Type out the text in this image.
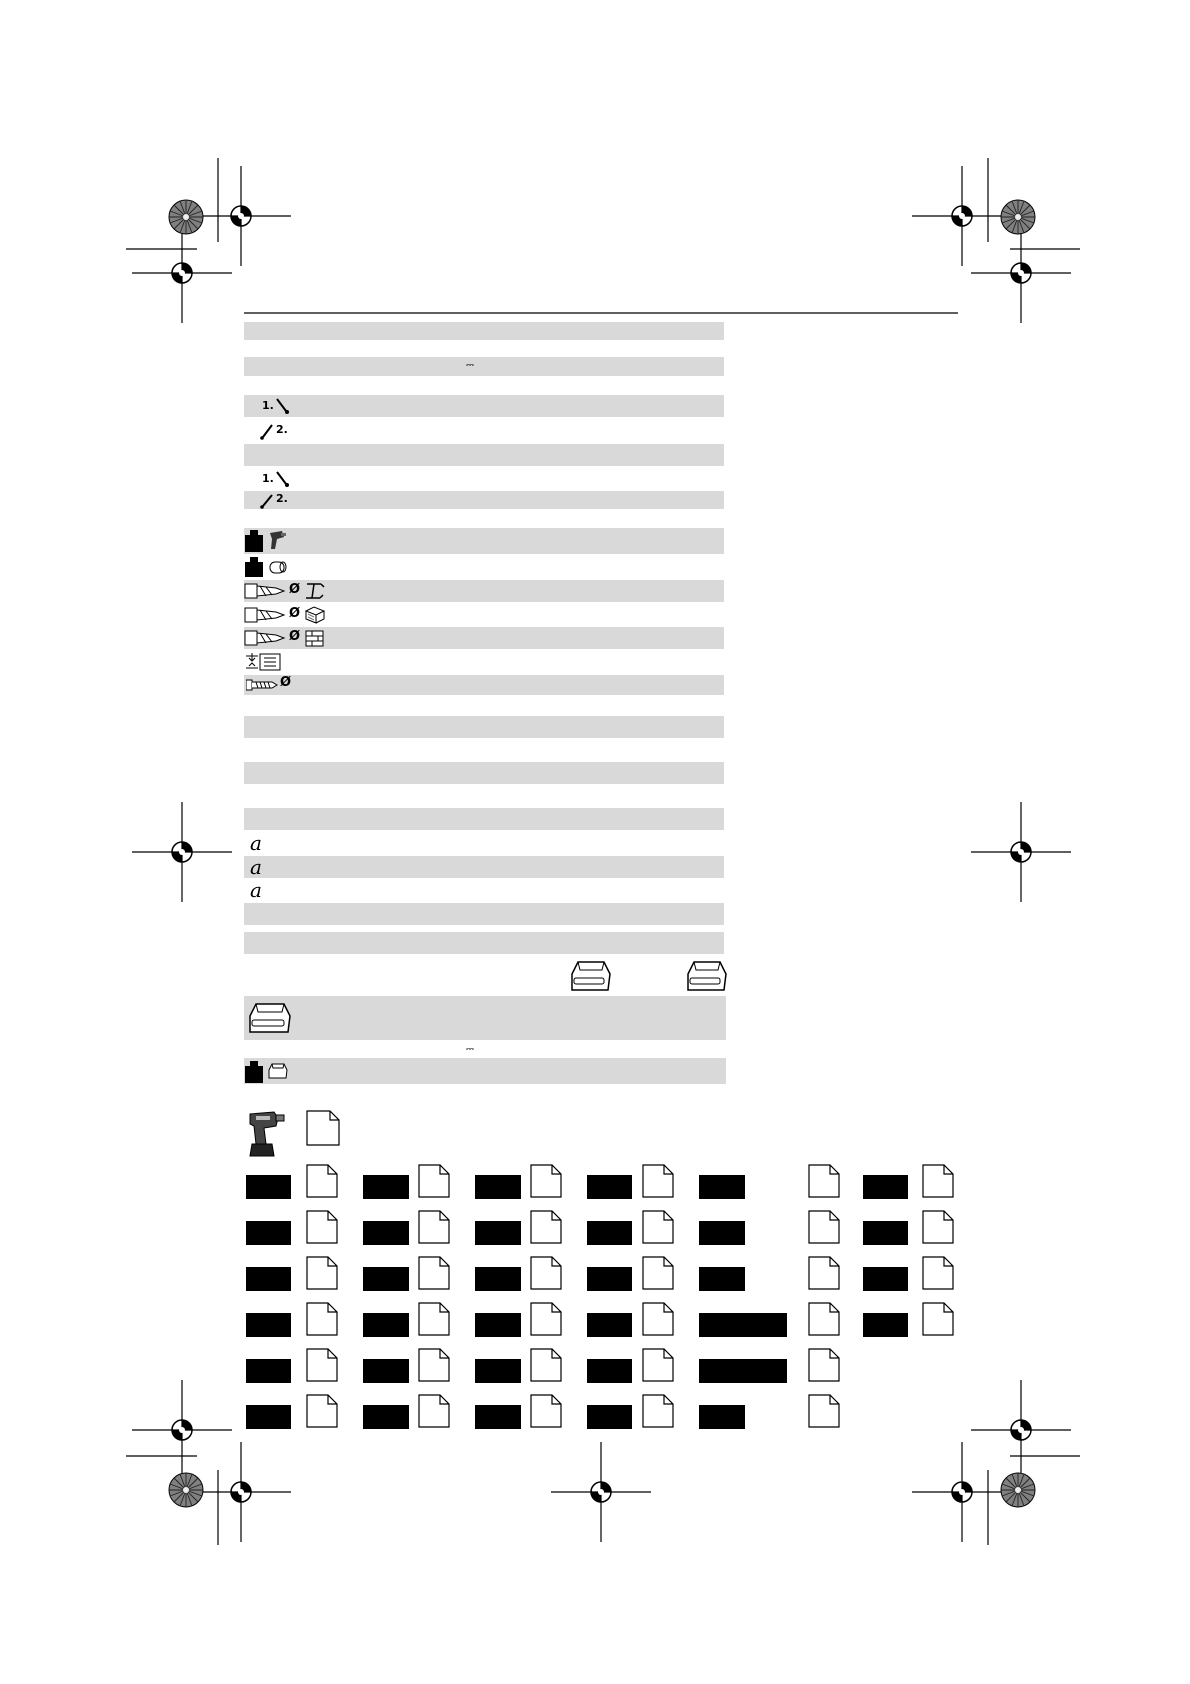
⎓
1.
2.
1.
2.
Ø
Ø
Ø
Ø
a
a
a
⎓
